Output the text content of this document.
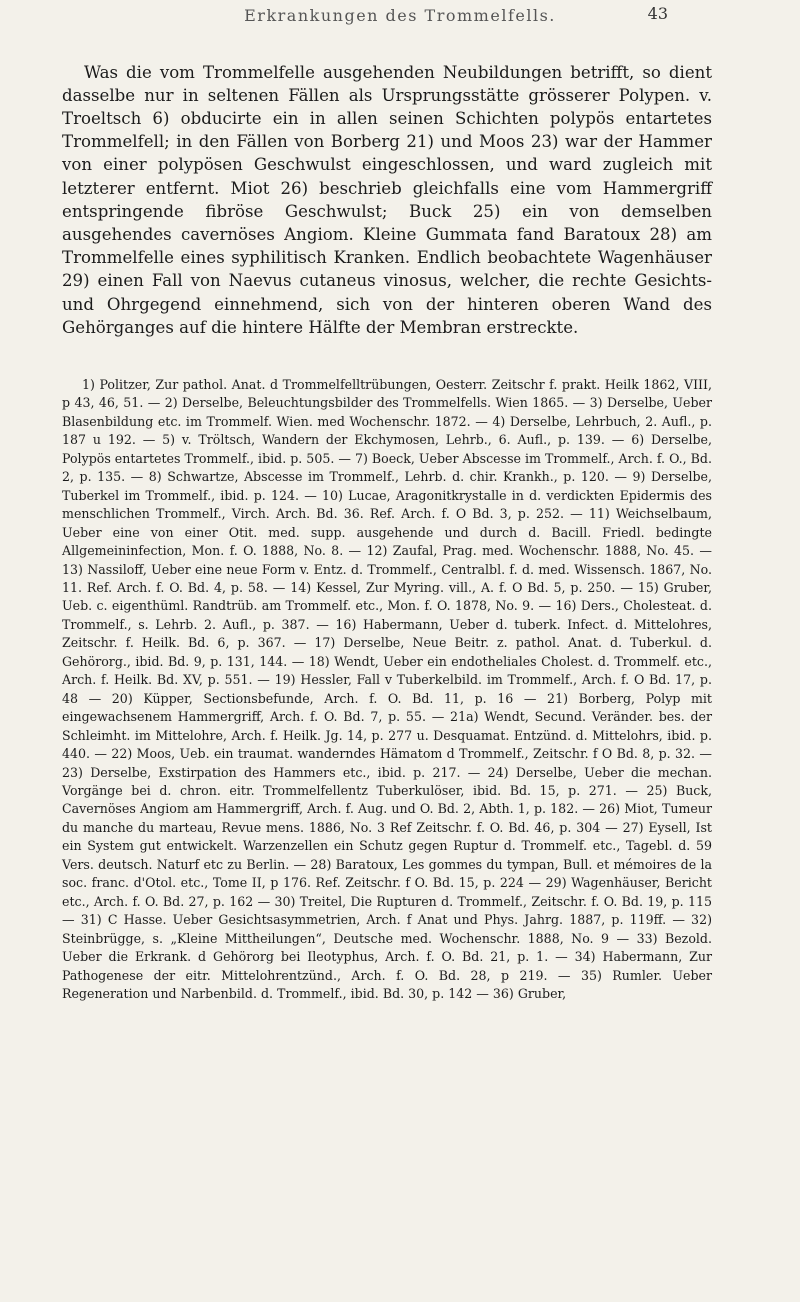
Erkrankungen des Trommelfells.	43

Was die vom Trommelfelle ausgehenden Neubildungen betrifft, so dient dasselbe nur in seltenen Fällen als Ursprungsstätte grösserer Polypen. v. Troeltsch 6) obducirte ein in allen seinen Schichten polypös entartetes Trommelfell; in den Fällen von Borberg 21) und Moos 23) war der Hammer von einer polypösen Geschwulst eingeschlossen, und ward zugleich mit letzterer entfernt. Miot 26) beschrieb gleichfalls eine vom Hammergriff entspringende fibröse Geschwulst; Buck 25) ein von demselben ausgehendes cavernöses Angiom. Kleine Gummata fand Baratoux 28) am Trommelfelle eines syphilitisch Kranken. Endlich beobachtete Wagenhäuser 29) einen Fall von Naevus cutaneus vinosus, welcher, die rechte Gesichts- und Ohrgegend einnehmend, sich von der hinteren oberen Wand des Gehörganges auf die hintere Hälfte der Membran erstreckte.

1) Politzer, Zur pathol. Anat. d Trommelfelltrübungen, Oesterr. Zeitschr f. prakt. Heilk 1862, VIII, p 43, 46, 51. — 2) Derselbe, Beleuchtungsbilder des Trommelfells. Wien 1865. — 3) Derselbe, Ueber Blasenbildung etc. im Trommelf. Wien. med Wochenschr. 1872. — 4) Derselbe, Lehrbuch, 2. Aufl., p. 187 u 192. — 5) v. Tröltsch, Wandern der Ekchymosen, Lehrb., 6. Aufl., p. 139. — 6) Derselbe, Polypös entartetes Trommelf., ibid. p. 505. — 7) Boeck, Ueber Abscesse im Trommelf., Arch. f. O., Bd. 2, p. 135. — 8) Schwartze, Abscesse im Trommelf., Lehrb. d. chir. Krankh., p. 120. — 9) Derselbe, Tuberkel im Trommelf., ibid. p. 124. — 10) Lucae, Aragonitkrystalle in d. verdickten Epidermis des menschlichen Trommelf., Virch. Arch. Bd. 36. Ref. Arch. f. O Bd. 3, p. 252. — 11) Weichselbaum, Ueber eine von einer Otit. med. supp. ausgehende und durch d. Bacill. Friedl. bedingte Allgemeininfection, Mon. f. O. 1888, No. 8. — 12) Zaufal, Prag. med. Wochenschr. 1888, No. 45. — 13) Nassiloff, Ueber eine neue Form v. Entz. d. Trommelf., Centralbl. f. d. med. Wissensch. 1867, No. 11. Ref. Arch. f. O. Bd. 4, p. 58. — 14) Kessel, Zur Myring. vill., A. f. O Bd. 5, p. 250. — 15) Gruber, Ueb. c. eigenthüml. Randtrüb. am Trommelf. etc., Mon. f. O. 1878, No. 9. — 16) Ders., Cholesteat. d. Trommelf., s. Lehrb. 2. Aufl., p. 387. — 16) Habermann, Ueber d. tuberk. Infect. d. Mittelohres, Zeitschr. f. Heilk. Bd. 6, p. 367. — 17) Derselbe, Neue Beitr. z. pathol. Anat. d. Tuberkul. d. Gehörorg., ibid. Bd. 9, p. 131, 144. — 18) Wendt, Ueber ein endotheliales Cholest. d. Trommelf. etc., Arch. f. Heilk. Bd. XV, p. 551. — 19) Hessler, Fall v Tuberkelbild. im Trommelf., Arch. f. O Bd. 17, p. 48 — 20) Küpper, Sectionsbefunde, Arch. f. O. Bd. 11, p. 16 — 21) Borberg, Polyp mit eingewachsenem Hammergriff, Arch. f. O. Bd. 7, p. 55. — 21a) Wendt, Secund. Veränder. bes. der Schleimht. im Mittelohre, Arch. f. Heilk. Jg. 14, p. 277 u. Desquamat. Entzünd. d. Mittelohrs, ibid. p. 440. — 22) Moos, Ueb. ein traumat. wanderndes Hämatom d Trommelf., Zeitschr. f O Bd. 8, p. 32. — 23) Derselbe, Exstirpation des Hammers etc., ibid. p. 217. — 24) Derselbe, Ueber die mechan. Vorgänge bei d. chron. eitr. Trommelfellentz Tuberkulöser, ibid. Bd. 15, p. 271. — 25) Buck, Cavernöses Angiom am Hammergriff, Arch. f. Aug. und O. Bd. 2, Abth. 1, p. 182. — 26) Miot, Tumeur du manche du marteau, Revue mens. 1886, No. 3 Ref Zeitschr. f. O. Bd. 46, p. 304 — 27) Eysell, Ist ein System gut entwickelt. Warzenzellen ein Schutz gegen Ruptur d. Trommelf. etc., Tagebl. d. 59 Vers. deutsch. Naturf etc zu Berlin. — 28) Baratoux, Les gommes du tympan, Bull. et mémoires de la soc. franc. d'Otol. etc., Tome II, p 176. Ref. Zeitschr. f O. Bd. 15, p. 224 — 29) Wagenhäuser, Bericht etc., Arch. f. O. Bd. 27, p. 162 — 30) Treitel, Die Rupturen d. Trommelf., Zeitschr. f. O. Bd. 19, p. 115 — 31) C Hasse. Ueber Gesichtsasymmetrien, Arch. f Anat und Phys. Jahrg. 1887, p. 119ff. — 32) Steinbrügge, s. „Kleine Mittheilungen“, Deutsche med. Wochenschr. 1888, No. 9 — 33) Bezold. Ueber die Erkrank. d Gehörorg bei Ileotyphus, Arch. f. O. Bd. 21, p. 1. — 34) Habermann, Zur Pathogenese der eitr. Mittelohrentzünd., Arch. f. O. Bd. 28, p 219. — 35) Rumler. Ueber Regeneration und Narbenbild. d. Trommelf., ibid. Bd. 30, p. 142 — 36) Gruber,
